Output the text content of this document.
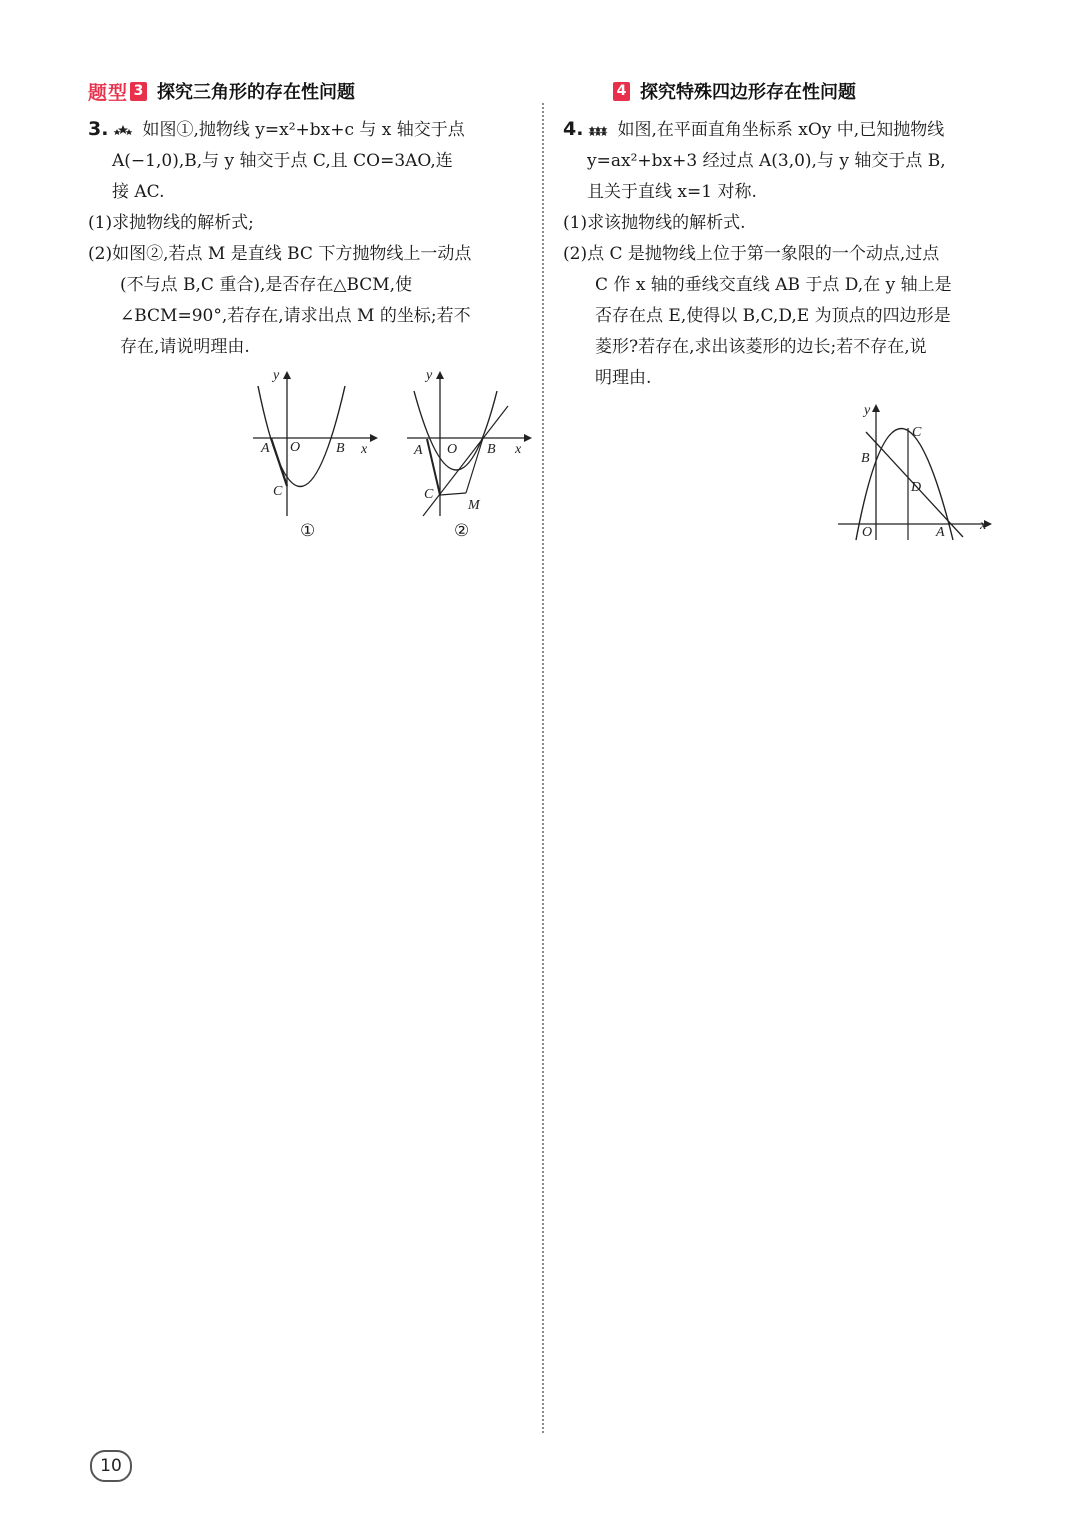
题型 3 探究三角形的存在性问题
3. 如图①,抛物线 y=x²+bx+c 与 x 轴交于点
A(−1,0),B,与 y 轴交于点 C,且 CO=3AO,连
接 AC.
(1)求抛物线的解析式;
(2)如图②,若点 M 是直线 BC 下方抛物线上一动点
(不与点 B,C 重合),是否存在△BCM,使
∠BCM=90°,若存在,请求出点 M 的坐标;若不
存在,请说明理由.
y
x
A O	B
C
①
y
x
A O B
C
M
②
4 探究特殊四边形存在性问题
4. 如图,在平面直角坐标系 xOy 中,已知抛物线
y=ax²+bx+3 经过点 A(3,0),与 y 轴交于点 B,
且关于直线 x=1 对称.
(1)求该抛物线的解析式.
(2)点 C 是抛物线上位于第一象限的一个动点,过点
C 作 x 轴的垂线交直线 AB 于点 D,在 y 轴上是
否存在点 E,使得以 B,C,D,E 为顶点的四边形是
菱形?若存在,求出该菱形的边长;若不存在,说
明理由.
y
x
O	A
B
C
D
10
